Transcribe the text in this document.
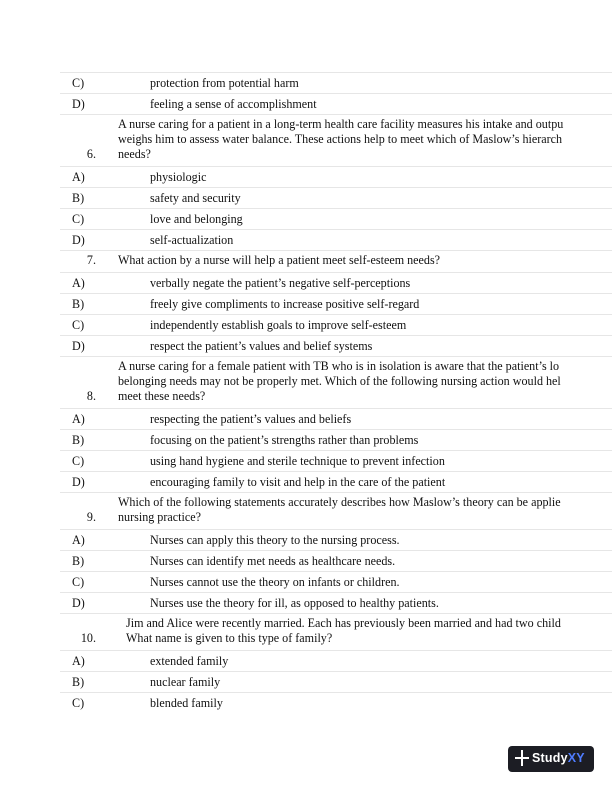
C)	protection from potential harm
D)	feeling a sense of accomplishment
6.
A nurse caring for a patient in a long-term health care facility measures his intake and outpu
weighs him to assess water balance. These actions help to meet which of Maslow’s hierarch
needs?
A)	physiologic
B)	safety and security
C)	love and belonging
D)	self-actualization
7. What action by a nurse will help a patient meet self-esteem needs?
A)	verbally negate the patient’s negative self-perceptions
B)	freely give compliments to increase positive self-regard
C)	independently establish goals to improve self-esteem
D)	respect the patient’s values and belief systems
8.
A nurse caring for a female patient with TB who is in isolation is aware that the patient’s lo
belonging needs may not be properly met. Which of the following nursing action would hel
meet these needs?
A)	respecting the patient’s values and beliefs
B)	focusing on the patient’s strengths rather than problems
C)	using hand hygiene and sterile technique to prevent infection
D)	encouraging family to visit and help in the care of the patient
9.
Which of the following statements accurately describes how Maslow’s theory can be applie
nursing practice?
A)	Nurses can apply this theory to the nursing process.
B)	Nurses can identify met needs as healthcare needs.
C)	Nurses cannot use the theory on infants or children.
D)	Nurses use the theory for ill, as opposed to healthy patients.
10.
Jim and Alice were recently married. Each has previously been married and had two child
What name is given to this type of family?
A)	extended family
B)	nuclear family
C)	blended family
StudyXY
